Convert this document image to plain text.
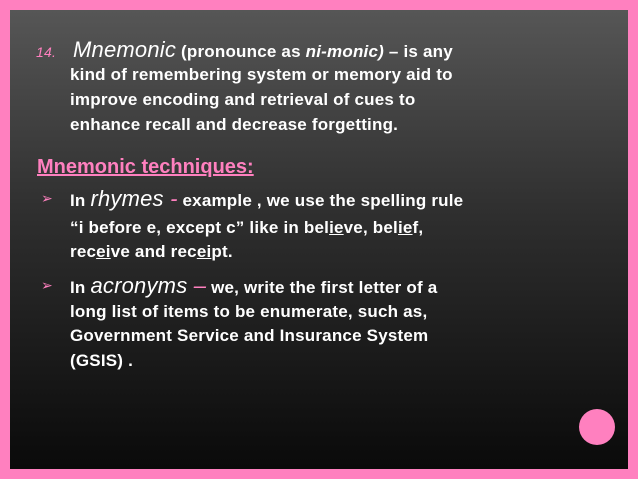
14. Mnemonic (pronounce as ni-monic) – is any
kind of remembering system or memory aid to
improve encoding and retrieval of cues to
enhance recall and decrease forgetting.
Mnemonic techniques:
➢ In rhymes - example , we use the spelling rule
“i before e, except c” like in believe, belief,
receive and receipt.
➢ In acronyms – we, write the first letter of a
long list of items to be enumerate, such as,
Government Service and Insurance System
(GSIS) .
